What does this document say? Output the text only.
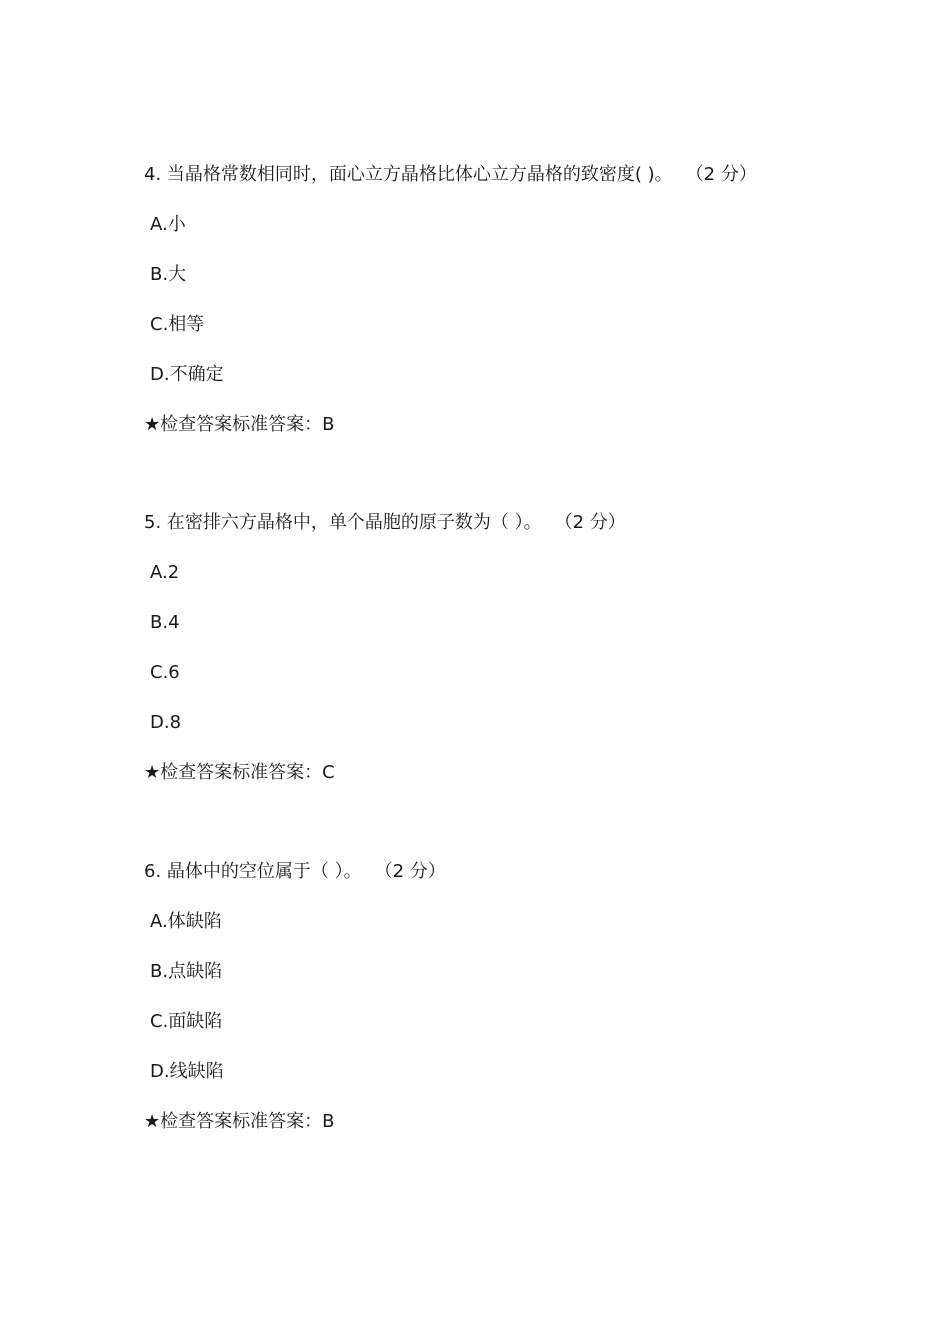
4. 当晶格常数相同时，面心立方晶格比体心立方晶格的致密度( )。 （2 分）
A.小
B.大
C.相等
D.不确定
★检查答案标准答案：B
5. 在密排六方晶格中，单个晶胞的原子数为（ ）。 （2 分）
A.2
B.4
C.6
D.8
★检查答案标准答案：C
6. 晶体中的空位属于（ ）。 （2 分）
A.体缺陷
B.点缺陷
C.面缺陷
D.线缺陷
★检查答案标准答案：B
